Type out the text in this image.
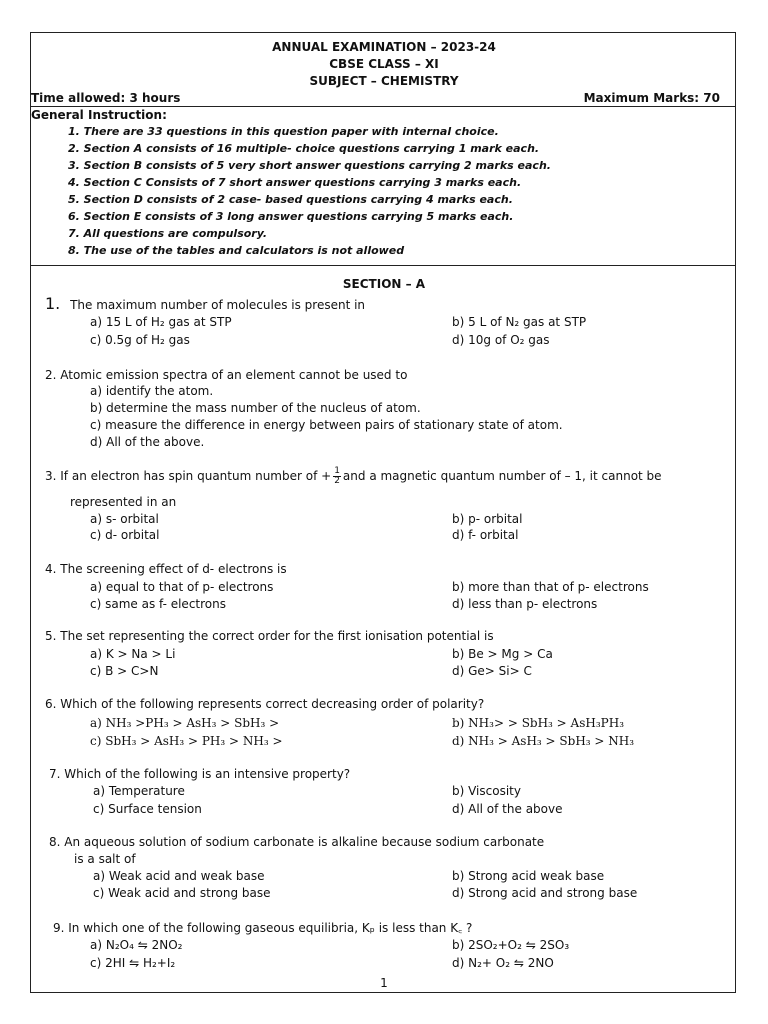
ANNUAL EXAMINATION – 2023-24
CBSE CLASS – XI
SUBJECT – CHEMISTRY
Time allowed: 3 hours	Maximum Marks: 70
General Instruction:
1. There are 33 questions in this question paper with internal choice.
2. Section A consists of 16 multiple- choice questions carrying 1 mark each.
3. Section B consists of 5 very short answer questions carrying 2 marks each.
4. Section C Consists of 7 short answer questions carrying 3 marks each.
5. Section D consists of 2 case- based questions carrying 4 marks each.
6. Section E consists of 3 long answer questions carrying 5 marks each.
7. All questions are compulsory.
8. The use of the tables and calculators is not allowed
SECTION – A
1. The maximum number of molecules is present in
a) 15 L of H₂ gas at STP	b) 5 L of N₂ gas at STP
c) 0.5g of H₂ gas	d) 10g of O₂ gas
2. Atomic emission spectra of an element cannot be used to
a) identify the atom.
b) determine the mass number of the nucleus of atom.
c) measure the difference in energy between pairs of stationary state of atom.
d) All of the above.
3. If an electron has spin quantum number of + $\frac{1}{2}$ and a magnetic quantum number of – 1, it cannot be
represented in an
a) s- orbital	b) p- orbital
c) d- orbital	d) f- orbital
4. The screening effect of d- electrons is
a) equal to that of p- electrons	b) more than that of p- electrons
c) same as f- electrons	d) less than p- electrons
5. The set representing the correct order for the first ionisation potential is
a) K > Na > Li	b) Be > Mg > Ca
c) B > C>N	d) Ge> Si> C
6. Which of the following represents correct decreasing order of polarity?
a) NH₃ >PH₃ > AsH₃ > SbH₃ >	b) NH₃> > SbH₃ > AsH₃PH₃
c) SbH₃ > AsH₃ > PH₃ > NH₃ >	d) NH₃ > AsH₃ > SbH₃ > NH₃
7. Which of the following is an intensive property?
a) Temperature	b) Viscosity
c) Surface tension	d) All of the above
8. An aqueous solution of sodium carbonate is alkaline because sodium carbonate
is a salt of
a) Weak acid and weak base	b) Strong acid weak base
c) Weak acid and strong base	d) Strong acid and strong base
9. In which one of the following gaseous equilibria, Kₚ is less than K꜀ ?
a) N₂O₄ ⇋ 2NO₂	b) 2SO₂+O₂ ⇋ 2SO₃
c) 2HI ⇋ H₂+I₂	d) N₂+ O₂ ⇋ 2NO
1
